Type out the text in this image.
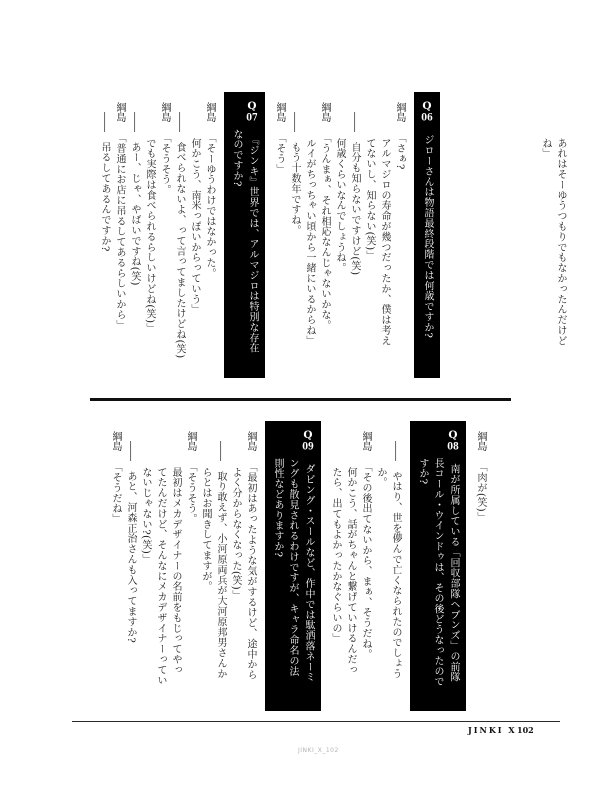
あれはそーゆうつもりでもなかったんだけど
ね」
Q06ジローさんは物語最終段階では何歳ですか?
綱島「さぁ?
アルマジロの寿命が幾つだったか、僕は考え
てないし、知らない(笑)」
――自分も知らないですけど(笑)
何歳くらいなんでしょうね。
綱島「うんまぁ、それ相応なんじゃないかな。
ルイがちっちゃい頃から一緒にいるからね」
――もう十数年ですね。
綱島「そう」
Q07『ジンキ』世界では、アルマジロは特別な存在
なのですか?
綱島「そーゆうわけではなかった。
何かこう、南米っぽいからっていう」
――食べられないよ、って言ってましたけどね(笑)
綱島「そうそう。
でも実際は食べられるらしいけどね(笑)」
――あー、じゃ、やばいですね(笑)
綱島「普通にお店に吊るしてあるらしいから」
――吊るしてあるんですか?
綱島「肉が(笑)」
Q08南が所属している「回収部隊ヘブンズ」の前隊
長コール・ウインドゥは、その後どうなったので
すか?
――やはり、世を儚んで亡くなられたのでしょう
か。
綱島「その後出てないから、まぁ、そうだね。
何かこう、話がちゃんと繋げていけるんだっ
たら、出てもよかったかなぐらいの」
Q09ダビング・スールなど、作中では駄洒落ネーミ
ングも散見されるわけですが、キャラ命名の法
則性などありますか?
綱島「最初はあったような気がするけど、途中から
よく分からなくなった(笑)」
――取り敢えず、小河原両兵が大河原邦男さんか
らとはお聞きしてますが。
綱島「そうそう。
最初はメカデザイナーの名前をもじってやっ
てたんだけど、そんなにメカデザイナーってい
ないじゃない?(笑)」
――あと、河森正治さんも入ってますか?
綱島「そうだね」
JINKI X 102
JINKI_X_102
